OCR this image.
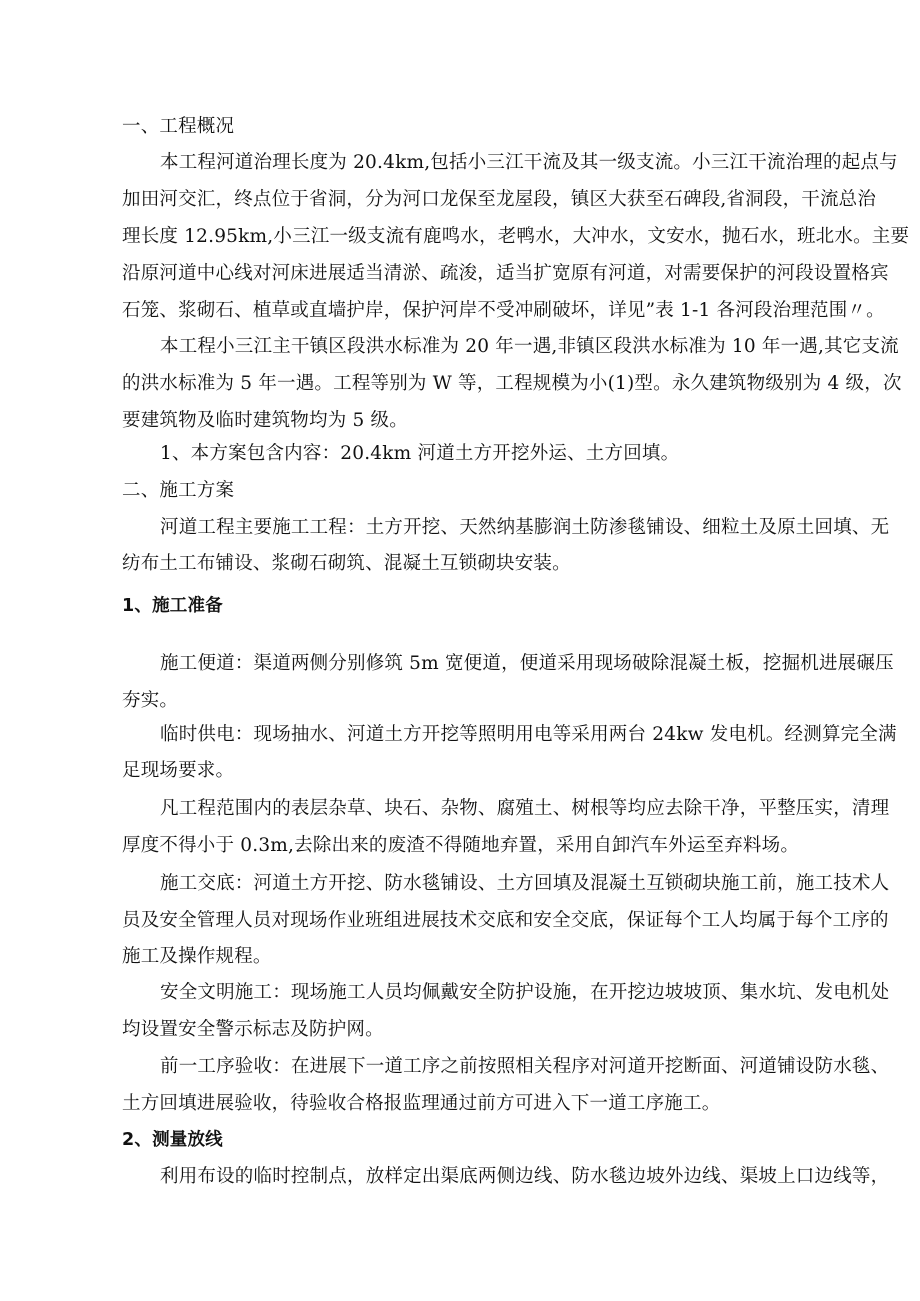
一、工程概况
本工程河道治理长度为 20.4km,包括小三江干流及其一级支流。小三江干流治理的起点与
加田河交汇，终点位于省洞，分为河口龙保至龙屋段，镇区大获至石碑段,省洞段，干流总治
理长度 12.95km,小三江一级支流有鹿鸣水，老鸭水，大冲水，文安水，抛石水，班北水。主要
沿原河道中心线对河床进展适当清淤、疏浚，适当扩宽原有河道，对需要保护的河段设置格宾
石笼、浆砌石、植草或直墙护岸，保护河岸不受冲刷破坏，详见”表 1-1 各河段治理范围〃。
本工程小三江主干镇区段洪水标准为 20 年一遇,非镇区段洪水标准为 10 年一遇,其它支流
的洪水标准为 5 年一遇。工程等别为 W 等，工程规模为小(1)型。永久建筑物级别为 4 级，次
要建筑物及临时建筑物均为 5 级。
1、本方案包含内容：20.4km 河道土方开挖外运、土方回填。
二、施工方案
河道工程主要施工工程：土方开挖、天然纳基膨润土防渗毯铺设、细粒土及原土回填、无
纺布土工布铺设、浆砌石砌筑、混凝土互锁砌块安装。
1、施工准备
施工便道：渠道两侧分别修筑 5m 宽便道，便道采用现场破除混凝土板，挖掘机进展碾压
夯实。
临时供电：现场抽水、河道土方开挖等照明用电等采用两台 24kw 发电机。经测算完全满
足现场要求。
凡工程范围内的表层杂草、块石、杂物、腐殖土、树根等均应去除干净，平整压实，清理
厚度不得小于 0.3m,去除出来的废渣不得随地弃置，采用自卸汽车外运至弃料场。
施工交底：河道土方开挖、防水毯铺设、土方回填及混凝土互锁砌块施工前，施工技术人
员及安全管理人员对现场作业班组进展技术交底和安全交底，保证每个工人均属于每个工序的
施工及操作规程。
安全文明施工：现场施工人员均佩戴安全防护设施，在开挖边坡坡顶、集水坑、发电机处
均设置安全警示标志及防护网。
前一工序验收：在进展下一道工序之前按照相关程序对河道开挖断面、河道铺设防水毯、
土方回填进展验收，待验收合格报监理通过前方可进入下一道工序施工。
2、测量放线
利用布设的临时控制点，放样定出渠底两侧边线、防水毯边坡外边线、渠坡上口边线等，
